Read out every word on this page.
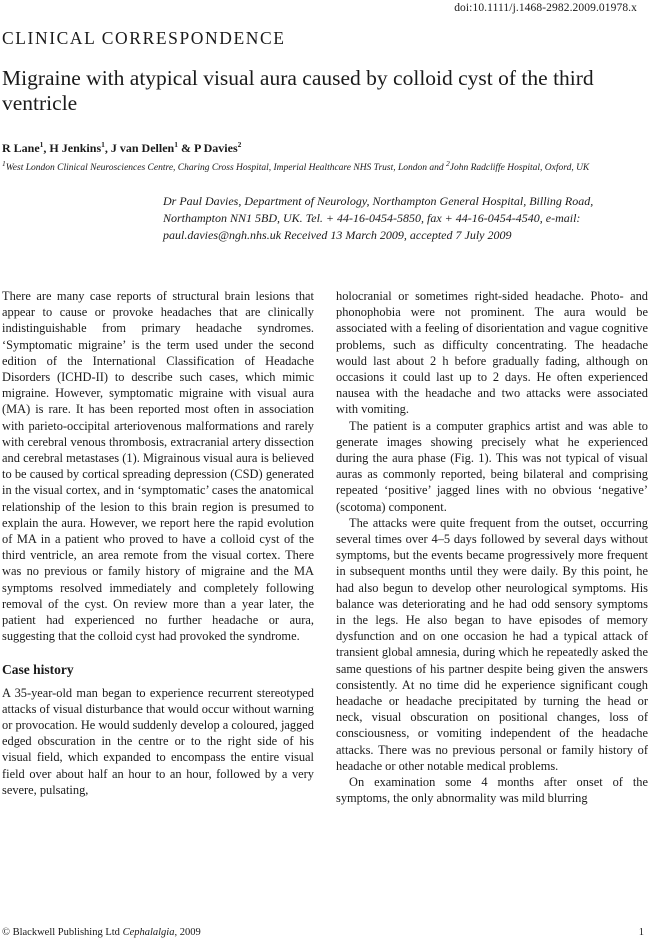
doi:10.1111/j.1468-2982.2009.01978.x
CLINICAL CORRESPONDENCE
Migraine with atypical visual aura caused by colloid cyst of the third ventricle
R Lane$^1$, H Jenkins$^1$, J van Dellen$^1$ & P Davies$^2$
$^1$West London Clinical Neurosciences Centre, Charing Cross Hospital, Imperial Healthcare NHS Trust, London and $^2$John Radcliffe Hospital, Oxford, UK
Dr Paul Davies, Department of Neurology, Northampton General Hospital, Billing Road, Northampton NN1 5BD, UK. Tel. + 44-16-0454-5850, fax + 44-16-0454-4540, e-mail: paul.davies@ngh.nhs.uk Received 13 March 2009, accepted 7 July 2009

There are many case reports of structural brain lesions that appear to cause or provoke headaches that are clinically indistinguishable from primary headache syndromes. ‘Symptomatic migraine’ is the term used under the second edition of the International Classification of Headache Disorders (ICHD-II) to describe such cases, which mimic migraine. However, symptomatic migraine with visual aura (MA) is rare. It has been reported most often in association with parieto-occipital arteriovenous malformations and rarely with cerebral venous thrombosis, extracranial artery dissection and cerebral metastases (1). Migrainous visual aura is believed to be caused by cortical spreading depression (CSD) generated in the visual cortex, and in ‘symptomatic’ cases the anatomical relationship of the lesion to this brain region is presumed to explain the aura. However, we report here the rapid evolution of MA in a patient who proved to have a colloid cyst of the third ventricle, an area remote from the visual cortex. There was no previous or family history of migraine and the MA symptoms resolved immediately and completely following removal of the cyst. On review more than a year later, the patient had experienced no further headache or aura, suggesting that the colloid cyst had provoked the syndrome.

Case history

A 35-year-old man began to experience recurrent stereotyped attacks of visual disturbance that would occur without warning or provocation. He would suddenly develop a coloured, jagged edged obscuration in the centre or to the right side of his visual field, which expanded to encompass the entire visual field over about half an hour to an hour, followed by a very severe, pulsating,

holocranial or sometimes right-sided headache. Photo- and phonophobia were not prominent. The aura would be associated with a feeling of disorientation and vague cognitive problems, such as difficulty concentrating. The headache would last about 2 h before gradually fading, although on occasions it could last up to 2 days. He often experienced nausea with the headache and two attacks were associated with vomiting.

The patient is a computer graphics artist and was able to generate images showing precisely what he experienced during the aura phase (Fig. 1). This was not typical of visual auras as commonly reported, being bilateral and comprising repeated ‘positive’ jagged lines with no obvious ‘negative’ (scotoma) component.

The attacks were quite frequent from the outset, occurring several times over 4–5 days followed by several days without symptoms, but the events became progressively more frequent in subsequent months until they were daily. By this point, he had also begun to develop other neurological symptoms. His balance was deteriorating and he had odd sensory symptoms in the legs. He also began to have episodes of memory dysfunction and on one occasion he had a typical attack of transient global amnesia, during which he repeatedly asked the same questions of his partner despite being given the answers consistently. At no time did he experience significant cough headache or headache precipitated by turning the head or neck, visual obscuration on positional changes, loss of consciousness, or vomiting independent of the headache attacks. There was no previous personal or family history of headache or other notable medical problems.

On examination some 4 months after onset of the symptoms, the only abnormality was mild blurring

© Blackwell Publishing Ltd Cephalalgia, 2009	1
